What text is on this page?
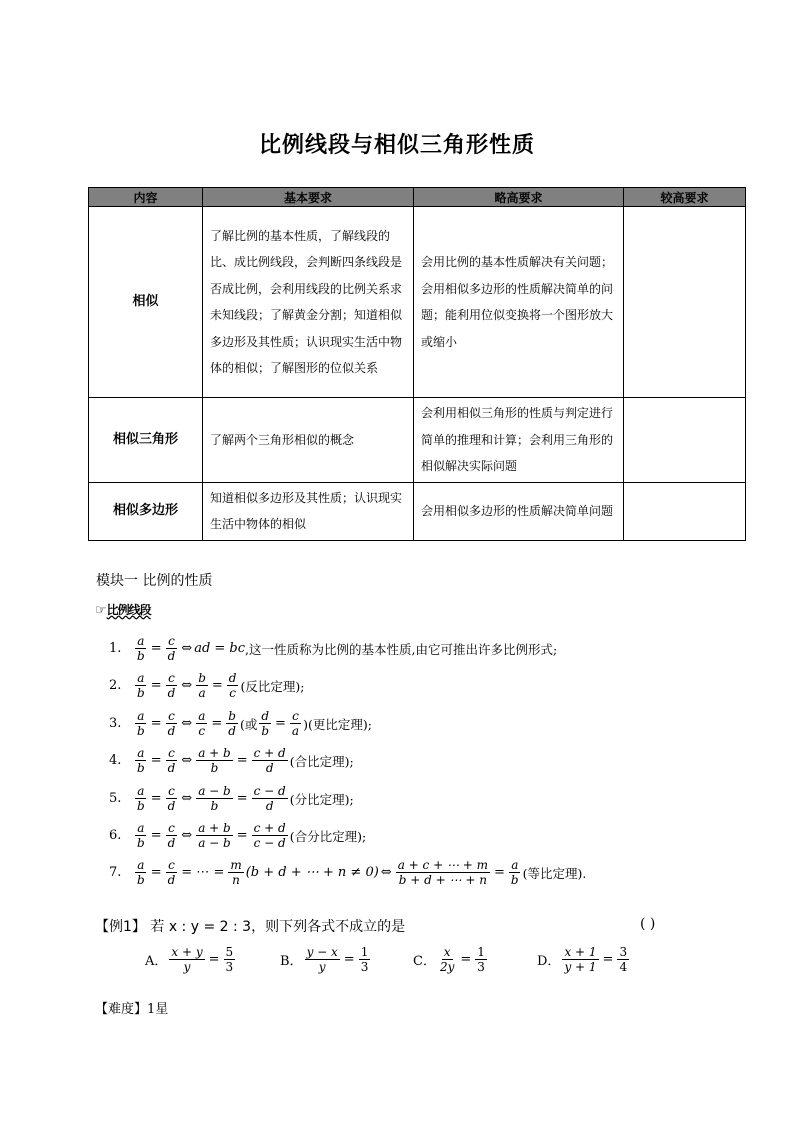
比例线段与相似三角形性质
内容	基本要求	略高要求	较高要求
相似	了解比例的基本性质，了解线段的比、成比例线段，会判断四条线段是否成比例，会利用线段的比例关系求未知线段；了解黄金分割；知道相似多边形及其性质；认识现实生活中物体的相似；了解图形的位似关系	会用比例的基本性质解决有关问题；会用相似多边形的性质解决简单的问题；能利用位似变换将一个图形放大或缩小	
相似三角形	了解两个三角形相似的概念	会利用相似三角形的性质与判定进行简单的推理和计算；会利用三角形的相似解决实际问题	
相似多边形	知道相似多边形及其性质；认识现实生活中物体的相似	会用相似多边形的性质解决简单问题	
模块一 比例的性质
☞比例线段
1.	$\frac{a}{b} = \frac{c}{d}$ ⇔ ad = bc ,这一性质称为比例的基本性质,由它可推出许多比例形式;
2.	$\frac{a}{b} = \frac{c}{d}$ ⇔ $\frac{b}{a} = \frac{d}{c}$ (反比定理);
3.	$\frac{a}{b} = \frac{c}{d}$ ⇔ $\frac{a}{c} = \frac{b}{d}$ (或 $\frac{d}{b} = \frac{c}{a}$ )(更比定理);
4.	$\frac{a}{b} = \frac{c}{d}$ ⇔ $\frac{a + b}{b} = \frac{c + d}{d}$ (合比定理);
5.	$\frac{a}{b} = \frac{c}{d}$ ⇔ $\frac{a - b}{b} = \frac{c - d}{d}$ (分比定理);
6.	$\frac{a}{b} = \frac{c}{d}$ ⇔ $\frac{a + b}{a - b} = \frac{c + d}{c - d}$ (合分比定理);
7.	$\frac{a}{b} = \frac{c}{d}$ = ⋯ = $\frac{m}{n} (b + d$ + ⋯ + n ≠ 0) ⇔ $\frac{a + c + \cdots + m}{b + d + \cdots + n} = \frac{a}{b}$ (等比定理).
【例1】 若 x : y = 2 : 3，则下列各式不成立的是	( )
A． $\frac{x + y}{y} = \frac{5}{3}$	B． $\frac{y - x}{y} = \frac{1}{3}$	C． $\frac{x}{2y} = \frac{1}{3}$	D． $\frac{x + 1}{y + 1} = \frac{3}{4}$
【难度】1星
